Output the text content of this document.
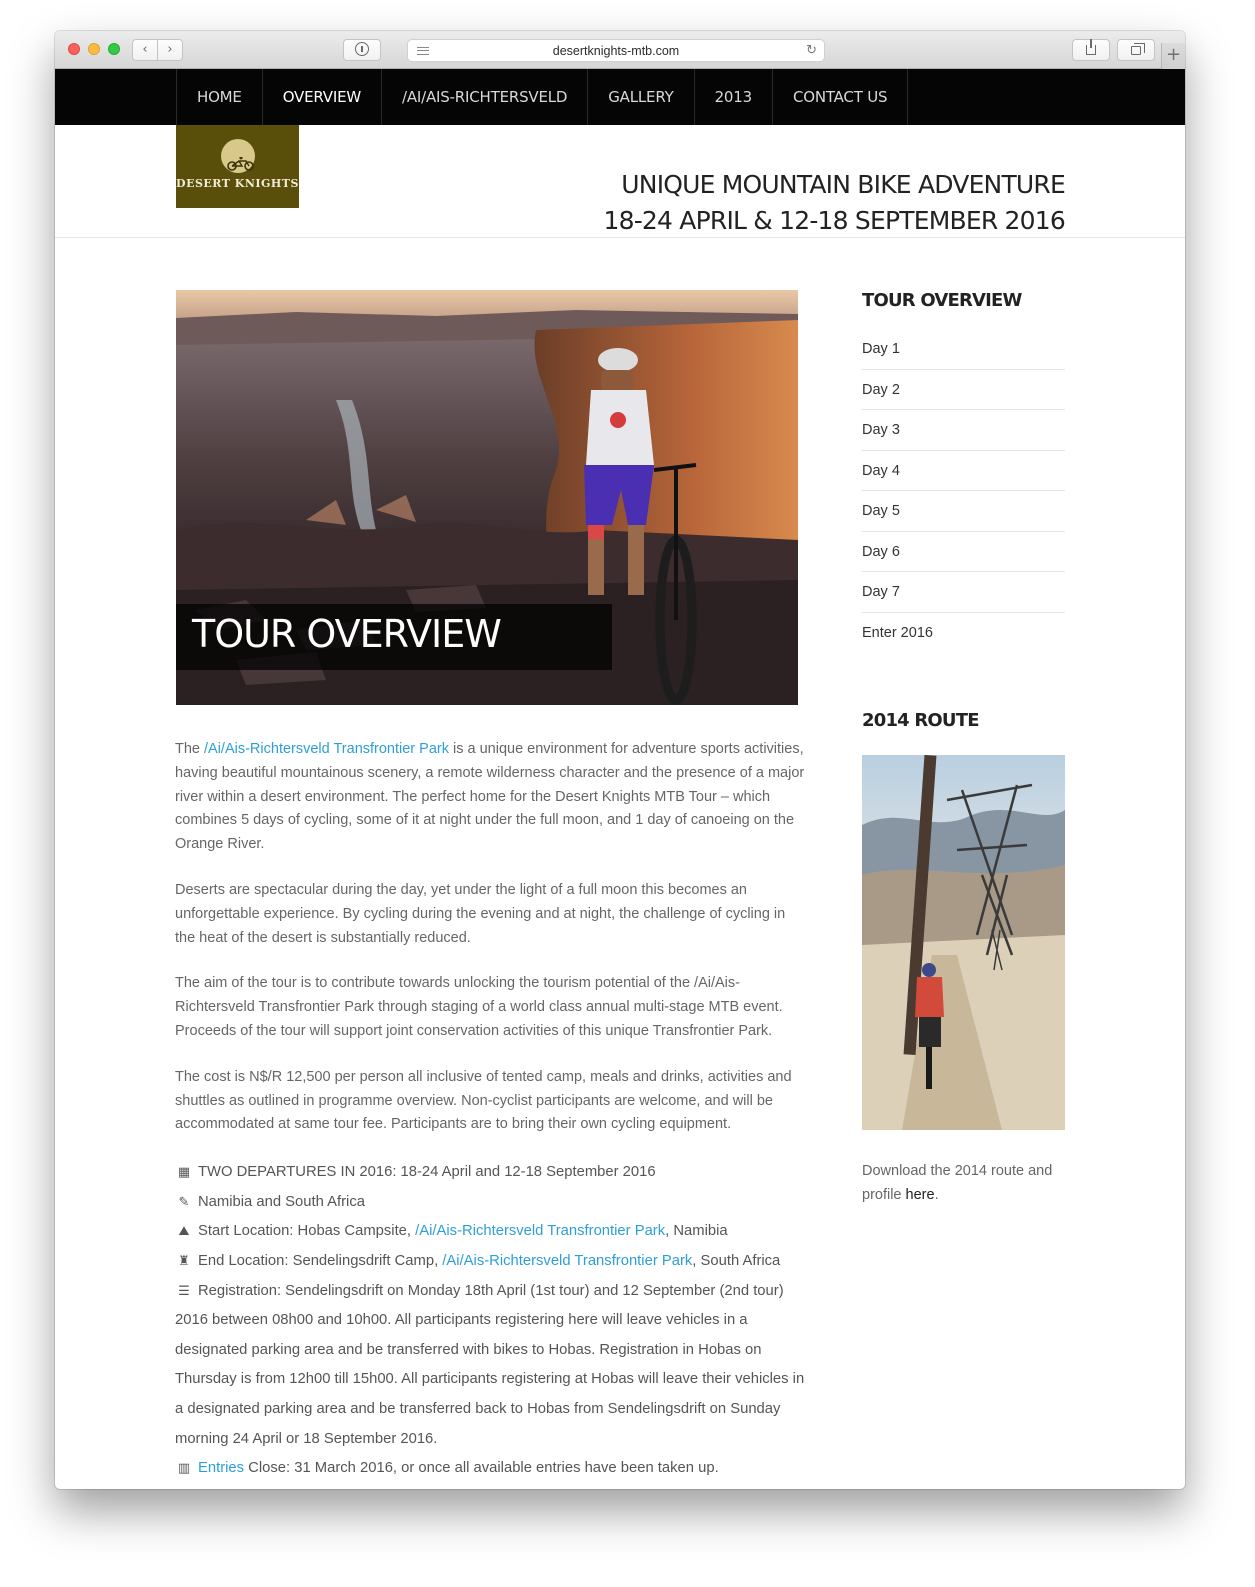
‹	›	desertknights-mtb.com	↻	+
HOME	OVERVIEW	/AI/AIS-RICHTERSVELD	GALLERY	2013	CONTACT US
DESERT KNIGHTS	UNIQUE MOUNTAIN BIKE ADVENTURE
18-24 APRIL & 12-18 SEPTEMBER 2016
TOUR OVERVIEW

The /Ai/Ais-Richtersveld Transfrontier Park is a unique environment for adventure sports activities, having beautiful mountainous scenery, a remote wilderness character and the presence of a major river within a desert environment. The perfect home for the Desert Knights MTB Tour – which combines 5 days of cycling, some of it at night under the full moon, and 1 day of canoeing on the Orange River.

Deserts are spectacular during the day, yet under the light of a full moon this becomes an unforgettable experience. By cycling during the evening and at night, the challenge of cycling in the heat of the desert is substantially reduced.

The aim of the tour is to contribute towards unlocking the tourism potential of the /Ai/Ais-Richtersveld Transfrontier Park through staging of a world class annual multi-stage MTB event. Proceeds of the tour will support joint conservation activities of this unique Transfrontier Park.

The cost is N$/R 12,500 per person all inclusive of tented camp, meals and drinks, activities and shuttles as outlined in programme overview. Non-cyclist participants are welcome, and will be accommodated at same tour fee. Participants are to bring their own cycling equipment.

▦ TWO DEPARTURES IN 2016: 18-24 April and 12-18 September 2016
✎ Namibia and South Africa
⛰ Start Location: Hobas Campsite, /Ai/Ais-Richtersveld Transfrontier Park, Namibia
♜ End Location: Sendelingsdrift Camp, /Ai/Ais-Richtersveld Transfrontier Park, South Africa
☰ Registration: Sendelingsdrift on Monday 18th April (1st tour) and 12 September (2nd tour) 2016 between 08h00 and 10h00. All participants registering here will leave vehicles in a designated parking area and be transferred with bikes to Hobas. Registration in Hobas on Thursday is from 12h00 till 15h00. All participants registering at Hobas will leave their vehicles in a designated parking area and be transferred back to Hobas from Sendelingsdrift on Sunday morning 24 April or 18 September 2016.
▥ Entries Close: 31 March 2016, or once all available entries have been taken up.
TOUR OVERVIEW
Day 1
Day 2
Day 3
Day 4
Day 5
Day 6
Day 7
Enter 2016
2014 ROUTE
Download the 2014 route and profile here.
